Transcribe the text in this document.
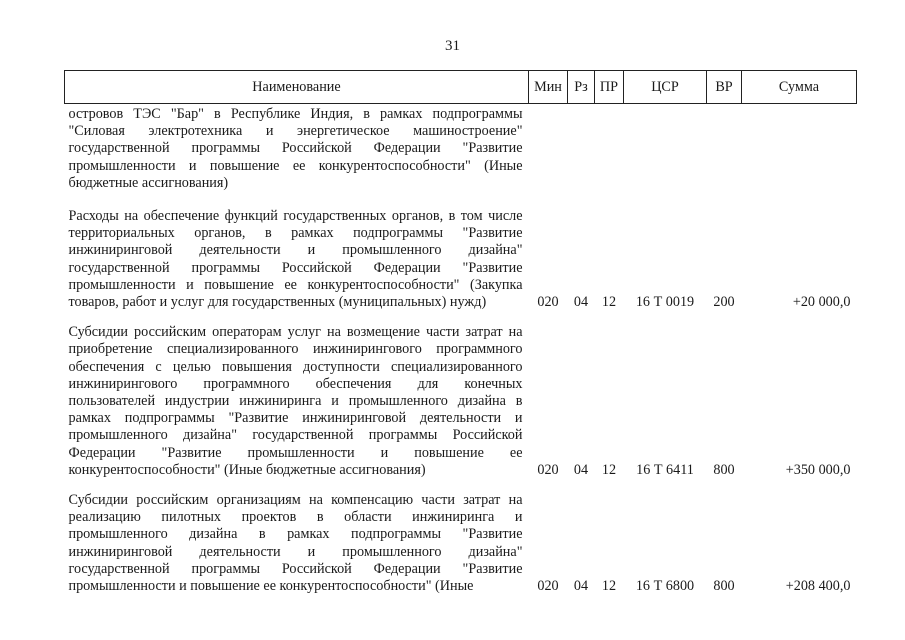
31
Наименование	Мин	Рз	ПР	ЦСР	ВР	Сумма
островов ТЭС "Бар" в Республике Индия, в рамках подпрограммы "Силовая электротехника и энергетическое машиностроение" государственной программы Российской Федерации "Развитие промышленности и повышение ее конкурентоспособности" (Иные бюджетные ассигнования)						
Расходы на обеспечение функций государственных органов, в том числе территориальных органов, в рамках подпрограммы "Развитие инжиниринговой деятельности и промышленного дизайна" государственной программы Российской Федерации "Развитие промышленности и повышение ее конкурентоспособности" (Закупка товаров, работ и услуг для государственных (муниципальных) нужд)	020	04	12	16 Т 0019	200	+20 000,0
Субсидии российским операторам услуг на возмещение части затрат на приобретение специализированного инжинирингового программного обеспечения с целью повышения доступности специализированного инжинирингового программного обеспечения для конечных пользователей индустрии инжиниринга и промышленного дизайна в рамках подпрограммы "Развитие инжиниринговой деятельности и промышленного дизайна" государственной программы Российской Федерации "Развитие промышленности и повышение ее конкурентоспособности" (Иные бюджетные ассигнования)	020	04	12	16 Т 6411	800	+350 000,0
Субсидии российским организациям на компенсацию части затрат на реализацию пилотных проектов в области инжиниринга и промышленного дизайна в рамках подпрограммы "Развитие инжиниринговой деятельности и промышленного дизайна" государственной программы Российской Федерации "Развитие промышленности и повышение ее конкурентоспособности" (Иные	020	04	12	16 Т 6800	800	+208 400,0
